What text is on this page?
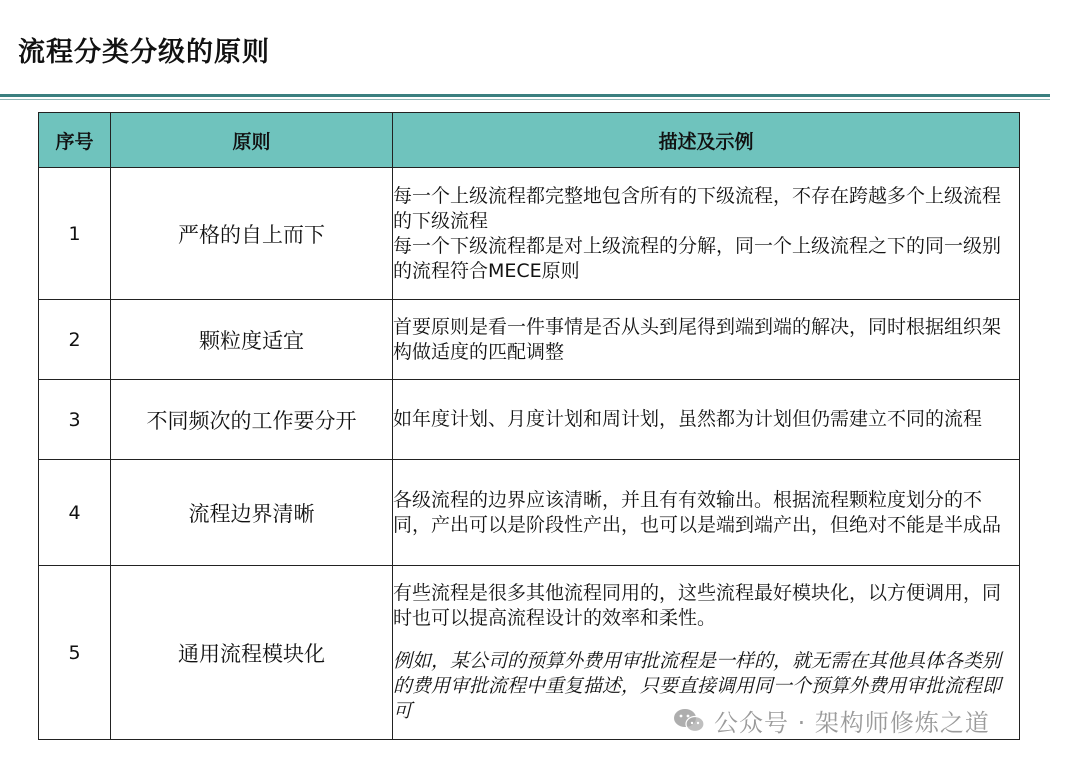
流程分类分级的原则
序号	原则	描述及示例
1	严格的自上而下	每一个上级流程都完整地包含所有的下级流程，不存在跨越多个上级流程的下级流程
每一个下级流程都是对上级流程的分解，同一个上级流程之下的同一级别的流程符合MECE原则

2	颗粒度适宜	首要原则是看一件事情是否从头到尾得到端到端的解决，同时根据组织架构做适度的匹配调整

3	不同频次的工作要分开	如年度计划、月度计划和周计划，虽然都为计划但仍需建立不同的流程

4	流程边界清晰	各级流程的边界应该清晰，并且有有效输出。根据流程颗粒度划分的不同，产出可以是阶段性产出，也可以是端到端产出，但绝对不能是半成品

5	通用流程模块化	有些流程是很多其他流程同用的，这些流程最好模块化，以方便调用，同时也可以提高流程设计的效率和柔性。
例如，某公司的预算外费用审批流程是一样的，就无需在其他具体各类别的费用审批流程中重复描述，只要直接调用同一个预算外费用审批流程即可	公众号 · 架构师修炼之道
